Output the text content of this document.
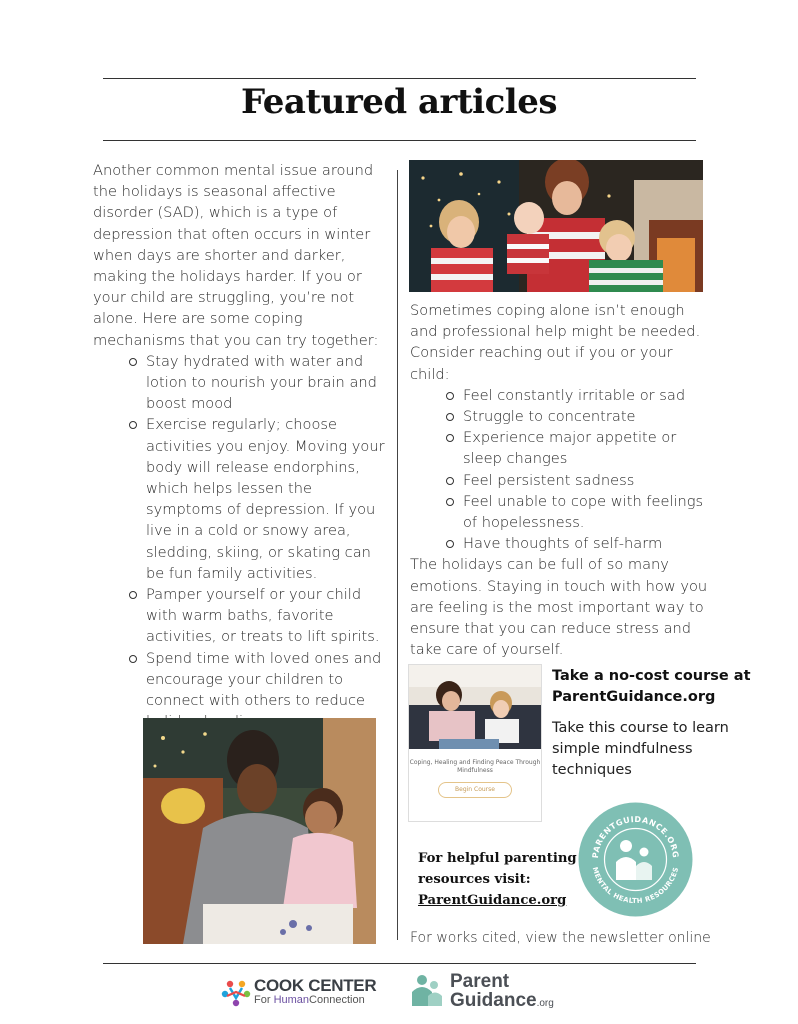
Featured articles

Another common mental issue around the holidays is seasonal affective disorder (SAD), which is a type of depression that often occurs in winter when days are shorter and darker, making the holidays harder. If you or your child are struggling, you’re not alone. Here are some coping mechanisms that you can try together:

Stay hydrated with water and lotion to nourish your brain and boost mood
Exercise regularly; choose activities you enjoy. Moving your body will release endorphins, which helps lessen the symptoms of depression. If you live in a cold or snowy area, sledding, skiing, or skating can be fun family activities.
Pamper yourself or your child with warm baths, favorite activities, or treats to lift spirits.
Spend time with loved ones and encourage your children to connect with others to reduce

Sometimes coping alone isn’t enough and professional help might be needed. Consider reaching out if you or your child:

Feel constantly irritable or sad
Struggle to concentrate
Experience major appetite or sleep changes
Feel persistent sadness
Feel unable to cope with feelings of hopelessness.
Have thoughts of self-harm

The holidays can be full of so many emotions. Staying in touch with how you are feeling is the most important way to ensure that you can reduce stress and take care of yourself.

Coping, Healing and Finding Peace Through Mindfulness
Begin Course
Take a no-cost course at ParentGuidance.org
Take this course to learn simple mindfulness techniques
For helpful parenting resources visit:
ParentGuidance.org
PARENTGUIDANCE.ORG
MENTAL HEALTH RESOURCES
For works cited, view the newsletter online
COOK CENTER
For HumanConnection
Parent
Guidance.org
